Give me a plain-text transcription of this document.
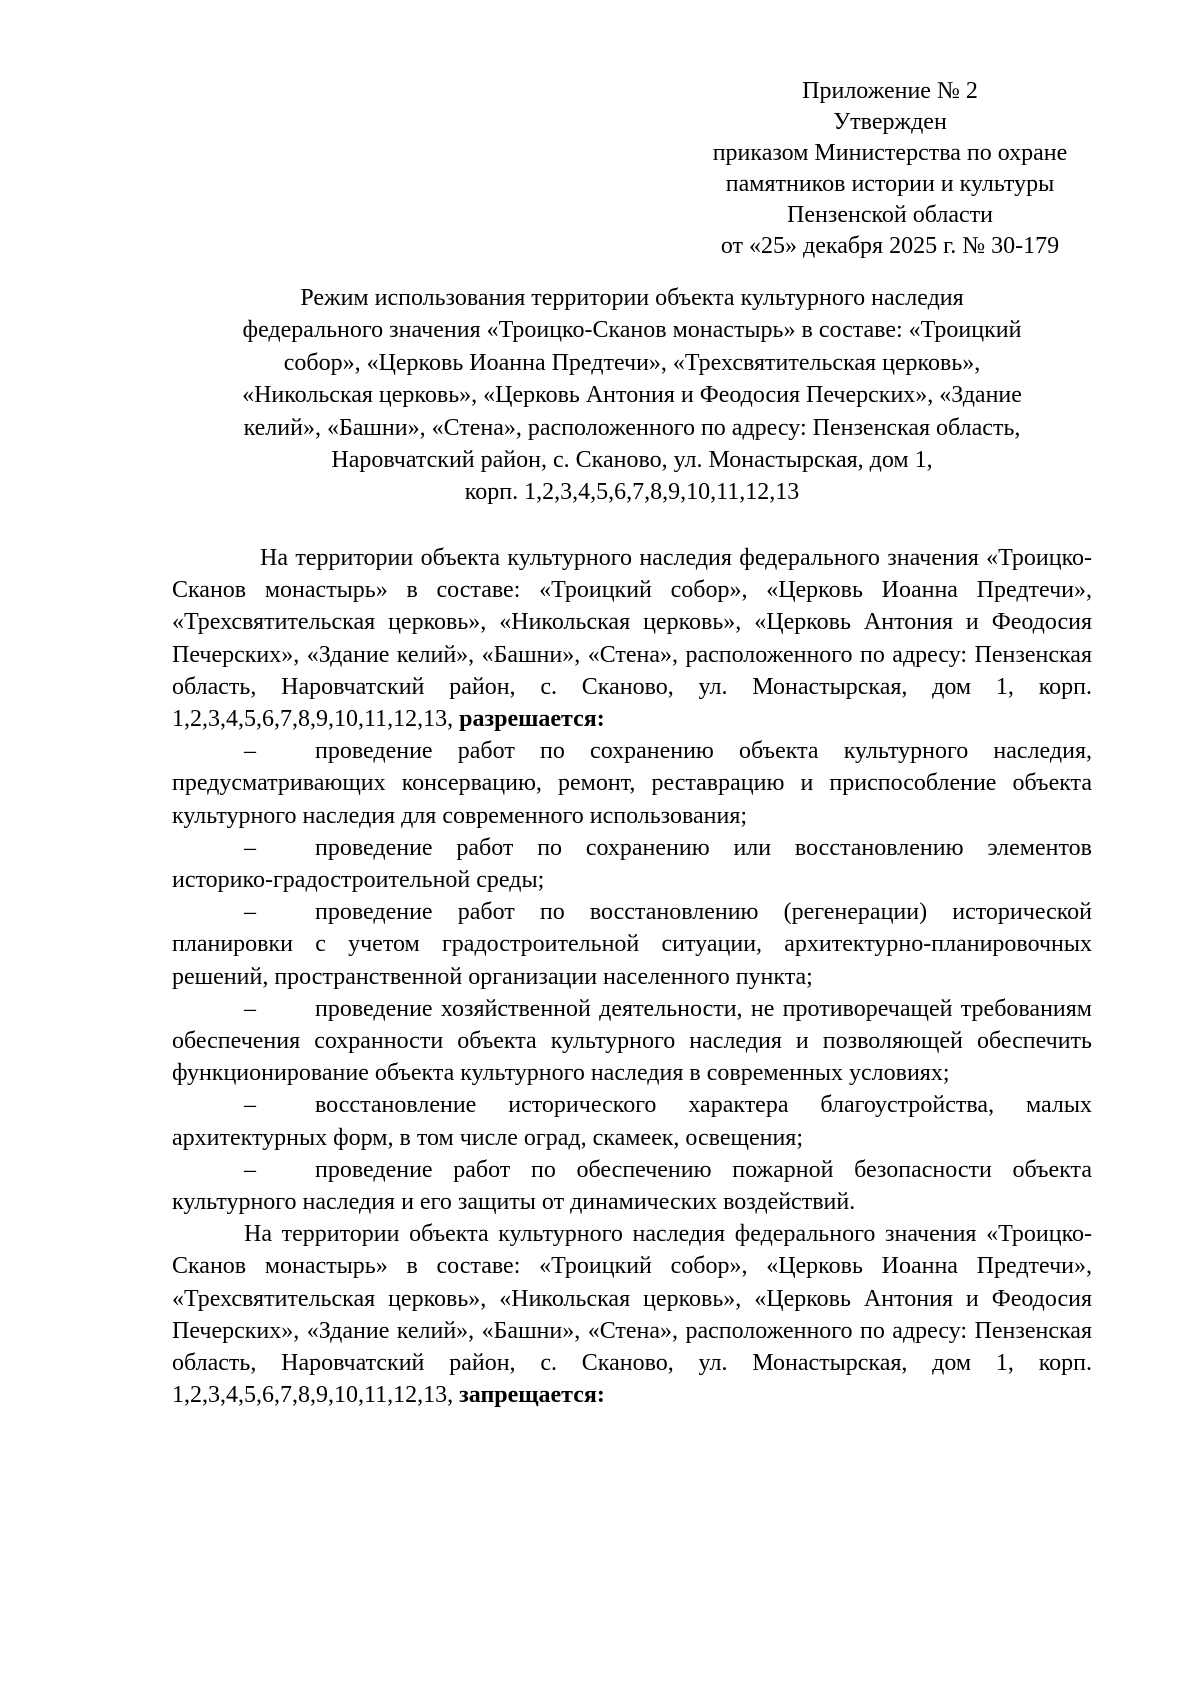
Приложение № 2
Утвержден
приказом Министерства по охране
памятников истории и культуры
Пензенской области
от «25» декабря 2025 г. № 30-179
Режим использования территории объекта культурного наследия
федерального значения «Троицко-Сканов монастырь» в составе: «Троицкий
собор», «Церковь Иоанна Предтечи», «Трехсвятительская церковь»,
«Никольская церковь», «Церковь Антония и Феодосия Печерских», «Здание
келий», «Башни», «Стена», расположенного по адресу: Пензенская область,
Наровчатский район, с. Сканово, ул. Монастырская, дом 1,
корп. 1,2,3,4,5,6,7,8,9,10,11,12,13

На территории объекта культурного наследия федерального значения «Троицко-Сканов монастырь» в составе: «Троицкий собор», «Церковь Иоанна Предтечи», «Трехсвятительская церковь», «Никольская церковь», «Церковь Антония и Феодосия Печерских», «Здание келий», «Башни», «Стена», расположенного по адресу: Пензенская область, Наровчатский район, с. Сканово, ул. Монастырская, дом 1, корп. 1,2,3,4,5,6,7,8,9,10,11,12,13, разрешается:

– проведение работ по сохранению объекта культурного наследия, предусматривающих консервацию, ремонт, реставрацию и приспособление объекта культурного наследия для современного использования;

– проведение работ по сохранению или восстановлению элементов историко-градостроительной среды;

– проведение работ по восстановлению (регенерации) исторической планировки с учетом градостроительной ситуации, архитектурно-планировочных решений, пространственной организации населенного пункта;

– проведение хозяйственной деятельности, не противоречащей требованиям обеспечения сохранности объекта культурного наследия и позволяющей обеспечить функционирование объекта культурного наследия в современных условиях;

– восстановление исторического характера благоустройства, малых архитектурных форм, в том числе оград, скамеек, освещения;

– проведение работ по обеспечению пожарной безопасности объекта культурного наследия и его защиты от динамических воздействий.

На территории объекта культурного наследия федерального значения «Троицко-Сканов монастырь» в составе: «Троицкий собор», «Церковь Иоанна Предтечи», «Трехсвятительская церковь», «Никольская церковь», «Церковь Антония и Феодосия Печерских», «Здание келий», «Башни», «Стена», расположенного по адресу: Пензенская область, Наровчатский район, с. Сканово, ул. Монастырская, дом 1, корп. 1,2,3,4,5,6,7,8,9,10,11,12,13, запрещается:
